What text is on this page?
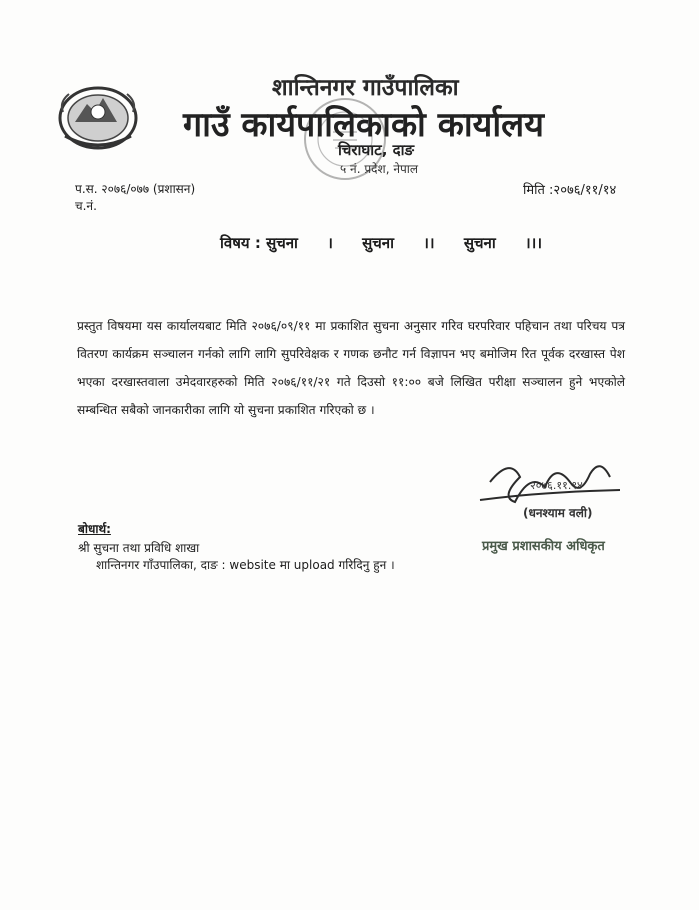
शान्तिनगर गाउँपालिका
गाउँ कार्यपालिकाको कार्यालय
चिराघाट, दाङ
५ नं. प्रदेश, नेपाल
प.स. २०७६/०७७ (प्रशासन)
च.नं.
मिति :२०७६/११/१४
विषय : सुचना । सुचना ।। सुचना ।।।
प्रस्तुत विषयमा यस कार्यालयबाट मिति २०७६/०९/११ मा प्रकाशित सुचना अनुसार गरिव घरपरिवार पहिचान तथा परिचय पत्र वितरण कार्यक्रम सञ्चालन गर्नको लागि लागि सुपरिवेक्षक र गणक छनौट गर्न विज्ञापन भए बमोजिम रित पूर्वक दरखास्त पेश भएका दरखास्तवाला उमेदवारहरुको मिति २०७६/११/२१ गते दिउसो ११:०० बजे लिखित परीक्षा सञ्चालन हुने भएकोले सम्बन्धित सबैको जानकारीका लागि यो सुचना प्रकाशित गरिएको छ ।
२०७६.११.१४
(धनश्याम वली)
प्रमुख प्रशासकीय अधिकृत
बोधार्थ:
श्री सुचना तथा प्रविधि शाखा
शान्तिनगर गाँउपालिका, दाङ : website मा upload गरिदिनु हुन ।
